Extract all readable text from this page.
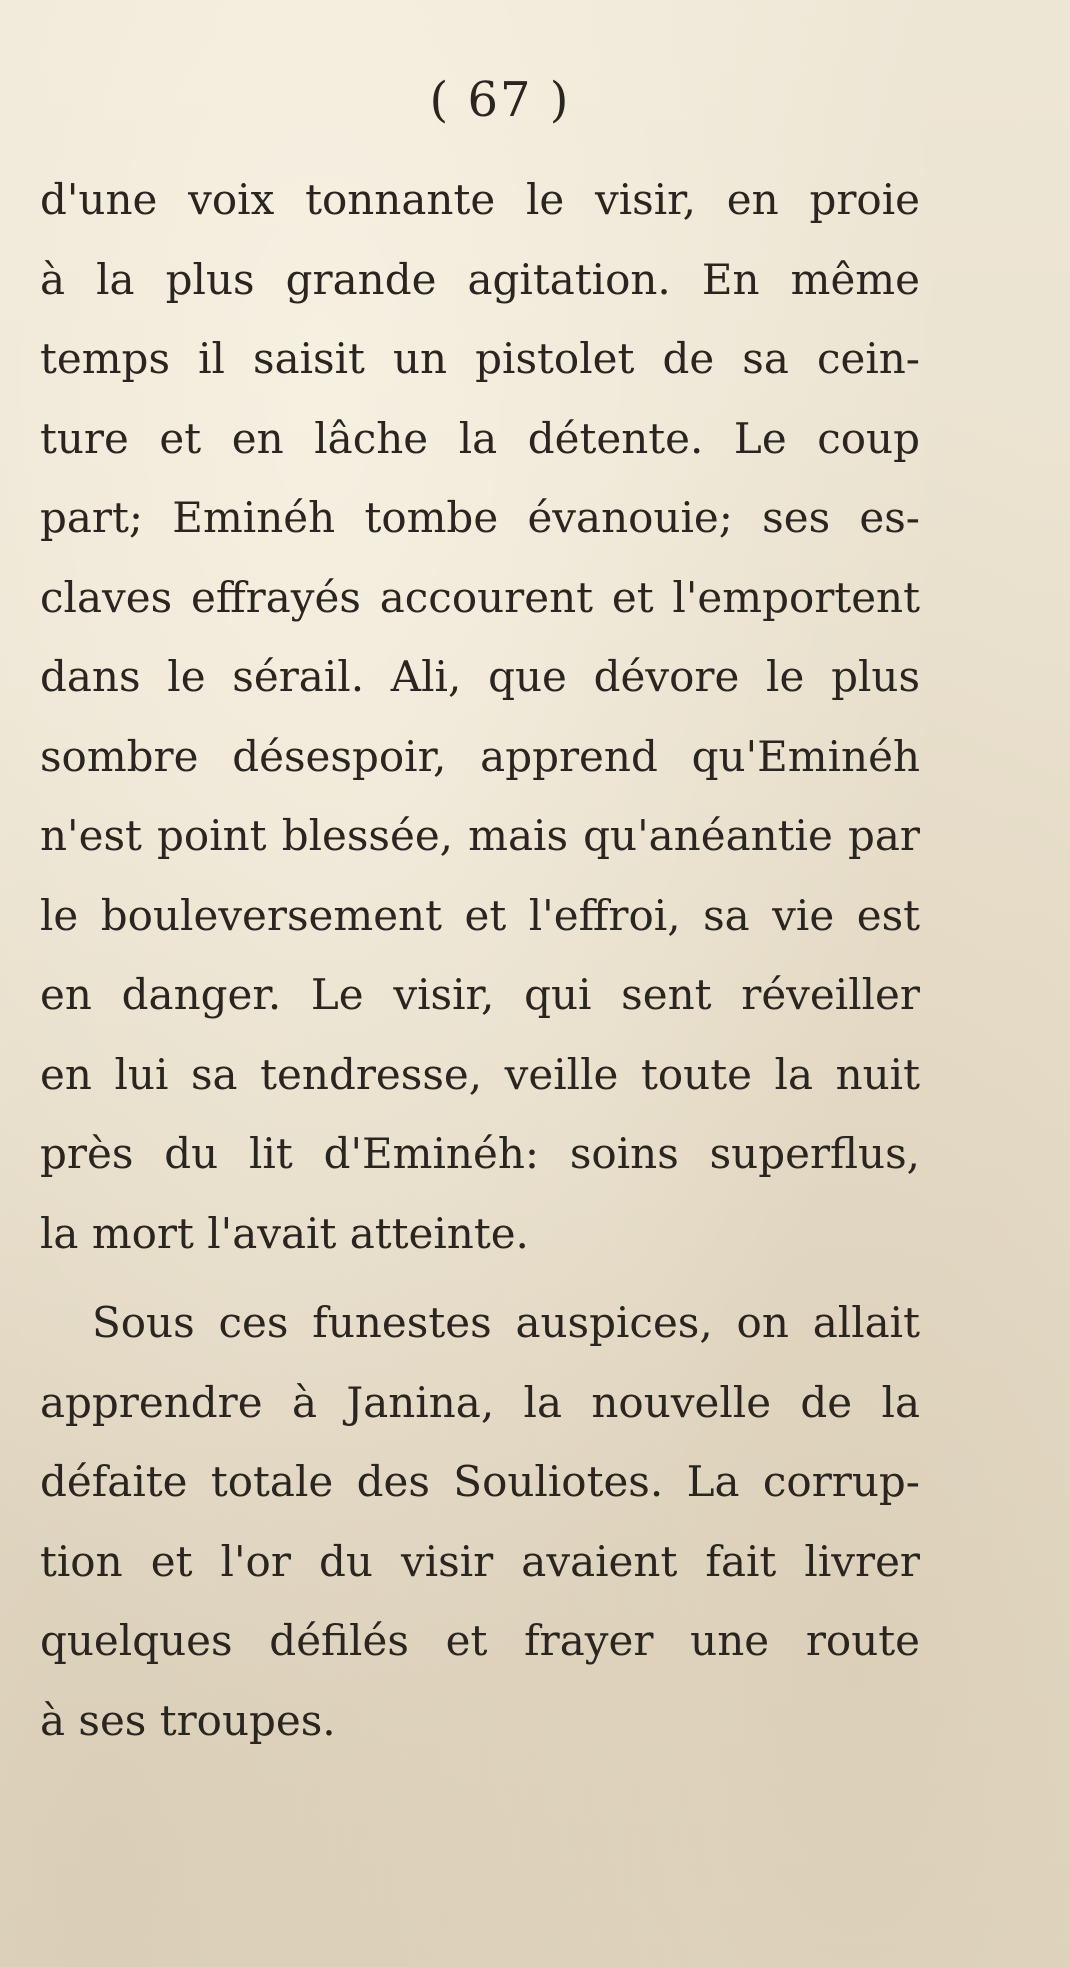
( 67 )
d'une voix tonnante le visir, en proie
à la plus grande agitation. En même
temps il saisit un pistolet de sa cein-
ture et en lâche la détente. Le coup
part; Eminéh tombe évanouie; ses es-
claves effrayés accourent et l'emportent
dans le sérail. Ali, que dévore le plus
sombre désespoir, apprend qu'Eminéh
n'est point blessée, mais qu'anéantie par
le bouleversement et l'effroi, sa vie est
en danger. Le visir, qui sent réveiller
en lui sa tendresse, veille toute la nuit
près du lit d'Eminéh: soins superflus,
la mort l'avait atteinte.
Sous ces funestes auspices, on allait
apprendre à Janina, la nouvelle de la
défaite totale des Souliotes. La corrup-
tion et l'or du visir avaient fait livrer
quelques défilés et frayer une route
à ses troupes.
